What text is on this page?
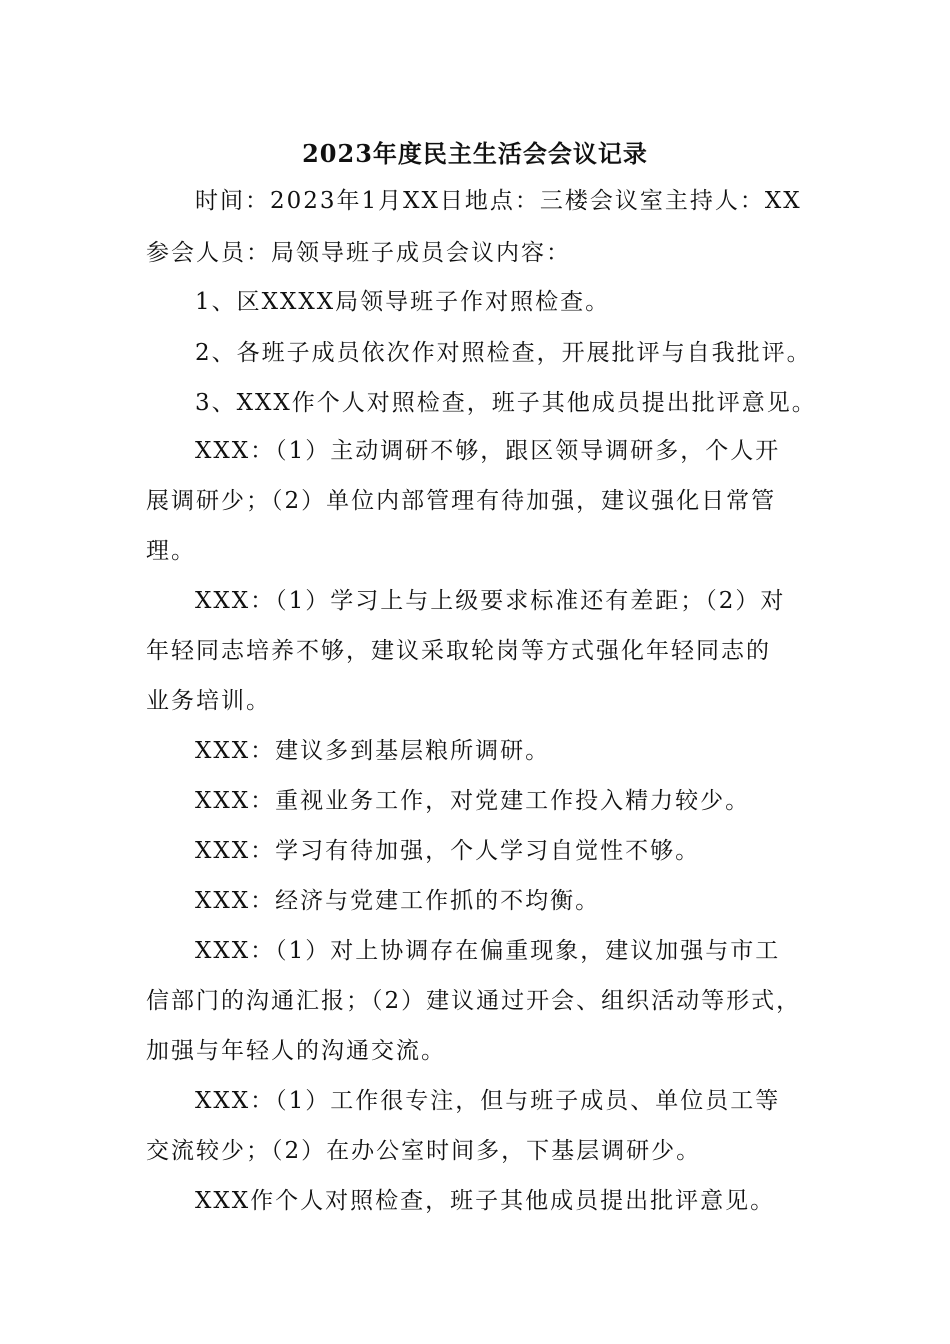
2023年度民主生活会会议记录
时间：2023年1月XX日地点：三楼会议室主持人：XX
参会人员：局领导班子成员会议内容：
1、区XXXX局领导班子作对照检查。
2、各班子成员依次作对照检查，开展批评与自我批评。
3、XXX作个人对照检查，班子其他成员提出批评意见。
XXX：（1）主动调研不够，跟区领导调研多，个人开
展调研少；（2）单位内部管理有待加强，建议强化日常管
理。
XXX：（1）学习上与上级要求标准还有差距；（2）对
年轻同志培养不够，建议采取轮岗等方式强化年轻同志的
业务培训。
XXX：建议多到基层粮所调研。
XXX：重视业务工作，对党建工作投入精力较少。
XXX：学习有待加强，个人学习自觉性不够。
XXX：经济与党建工作抓的不均衡。
XXX：（1）对上协调存在偏重现象，建议加强与市工
信部门的沟通汇报；（2）建议通过开会、组织活动等形式，
加强与年轻人的沟通交流。
XXX：（1）工作很专注，但与班子成员、单位员工等
交流较少；（2）在办公室时间多，下基层调研少。
XXX作个人对照检查，班子其他成员提出批评意见。
